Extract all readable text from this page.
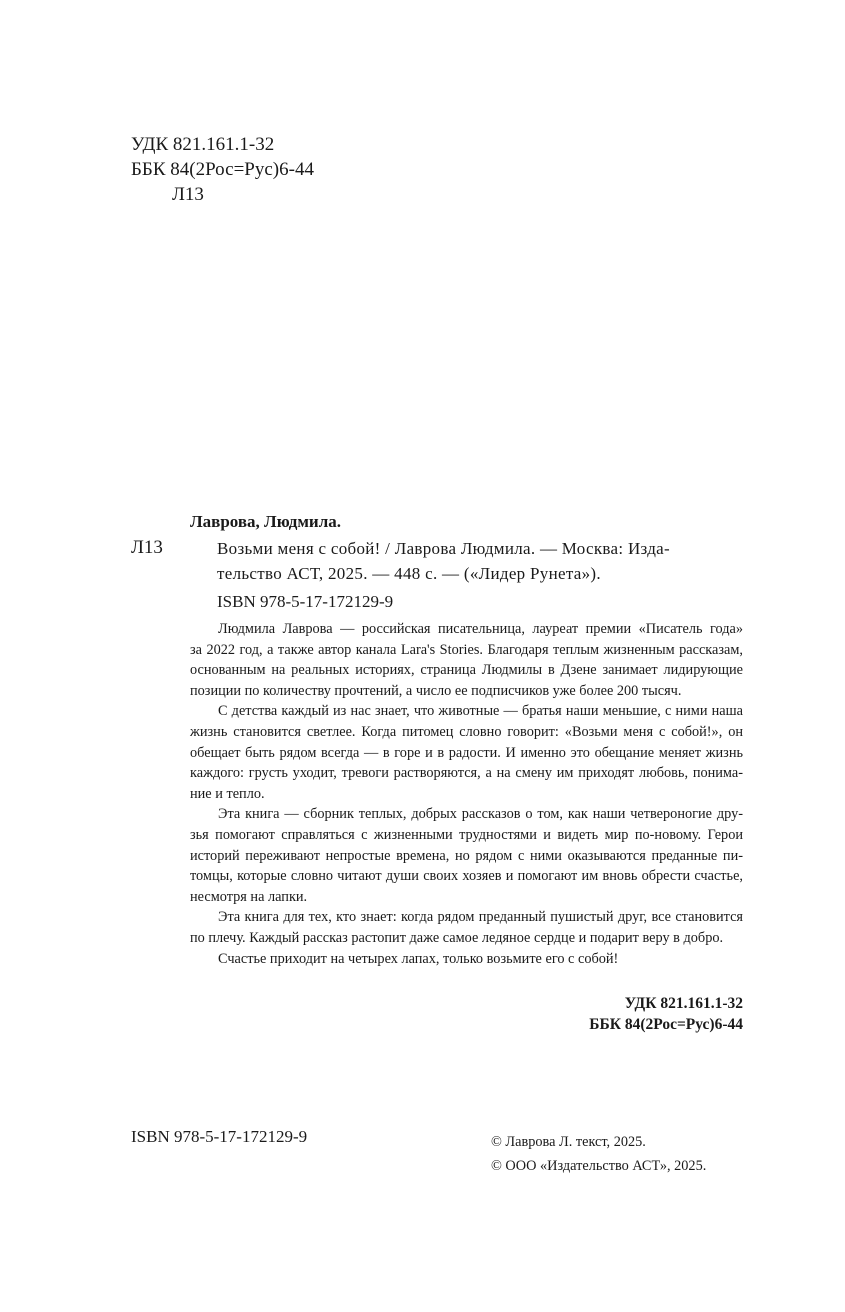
УДК 821.161.1-32
ББК 84(2Рос=Рус)6-44
Л13
Лаврова, Людмила.
Л13	Возьми меня с собой! / Лаврова Людмила. — Москва: Изда-
тельство АСТ, 2025. — 448 с. — («Лидер Рунета»).
ISBN 978-5-17-172129-9
Людмила Лаврова — российская писательница, лауреат премии «Писатель года»
за 2022 год, а также автор канала Lara's Stories. Благодаря теплым жизненным рассказам,
основанным на реальных историях, страница Людмилы в Дзене занимает лидирующие
позиции по количеству прочтений, а число ее подписчиков уже более 200 тысяч.
С детства каждый из нас знает, что животные — братья наши меньшие, с ними наша
жизнь становится светлее. Когда питомец словно говорит: «Возьми меня с собой!», он
обещает быть рядом всегда — в горе и в радости. И именно это обещание меняет жизнь
каждого: грусть уходит, тревоги растворяются, а на смену им приходят любовь, понима-
ние и тепло.
Эта книга — сборник теплых, добрых рассказов о том, как наши четвероногие дру-
зья помогают справляться с жизненными трудностями и видеть мир по-новому. Герои
историй переживают непростые времена, но рядом с ними оказываются преданные пи-
томцы, которые словно читают души своих хозяев и помогают им вновь обрести счастье,
несмотря на лапки.
Эта книга для тех, кто знает: когда рядом преданный пушистый друг, все становится
по плечу. Каждый рассказ растопит даже самое ледяное сердце и подарит веру в добро.
Счастье приходит на четырех лапах, только возьмите его с собой!
УДК 821.161.1-32
ББК 84(2Рос=Рус)6-44
ISBN 978-5-17-172129-9	© Лаврова Л. текст, 2025.
© ООО «Издательство АСТ», 2025.
